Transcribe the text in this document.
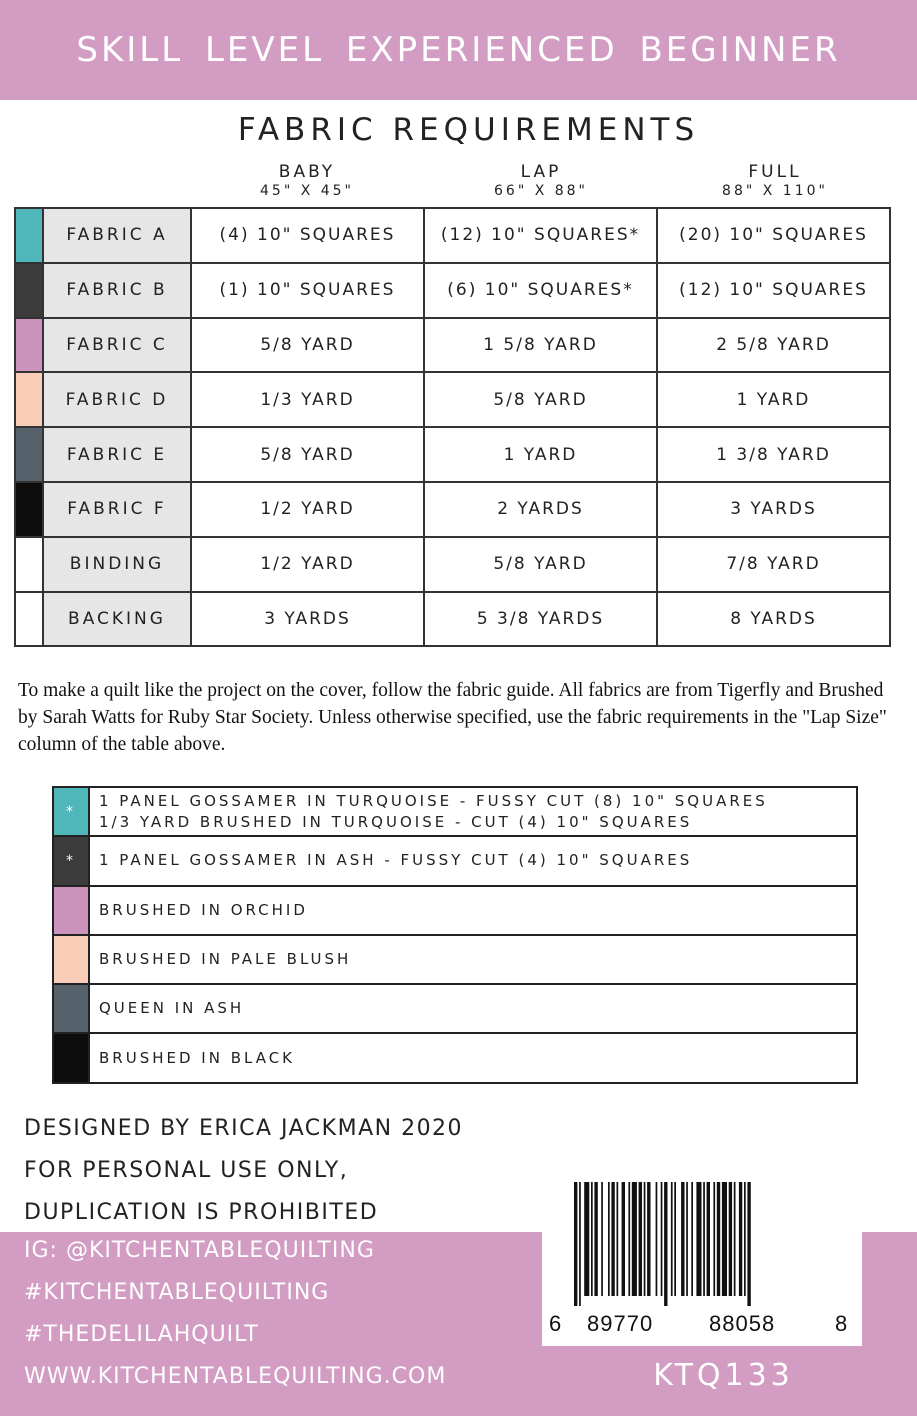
SKILL LEVEL EXPERIENCED BEGINNER
FABRIC REQUIREMENTS
BABY
45" X 45"
LAP
66" X 88"
FULL
88" X 110"
	FABRIC A	(4) 10" SQUARES	(12) 10" SQUARES*	(20) 10" SQUARES
	FABRIC B	(1) 10" SQUARES	(6) 10" SQUARES*	(12) 10" SQUARES
	FABRIC C	5/8 YARD	1 5/8 YARD	2 5/8 YARD
	FABRIC D	1/3 YARD	5/8 YARD	1 YARD
	FABRIC E	5/8 YARD	1 YARD	1 3/8 YARD
	FABRIC F	1/2 YARD	2 YARDS	3 YARDS
	BINDING	1/2 YARD	5/8 YARD	7/8 YARD
	BACKING	3 YARDS	5 3/8 YARDS	8 YARDS
To make a quilt like the project on the cover, follow the fabric guide. All fabrics are from Tigerfly and Brushed by Sarah Watts for Ruby Star Society. Unless otherwise specified, use the fabric requirements in the "Lap Size" column of the table above.
*	1 PANEL GOSSAMER IN TURQUOISE - FUSSY CUT (8) 10" SQUARES
1/3 YARD BRUSHED IN TURQUOISE - CUT (4) 10" SQUARES

*	1 PANEL GOSSAMER IN ASH - FUSSY CUT (4) 10" SQUARES

	BRUSHED IN ORCHID

	BRUSHED IN PALE BLUSH

	QUEEN IN ASH

	BRUSHED IN BLACK
DESIGNED BY ERICA JACKMAN 2020
FOR PERSONAL USE ONLY,
DUPLICATION IS PROHIBITED
IG: @KITCHENTABLEQUILTING
#KITCHENTABLEQUILTING
#THEDELILAHQUILT
WWW.KITCHENTABLEQUILTING.COM
6 89770	88058	8
KTQ133
